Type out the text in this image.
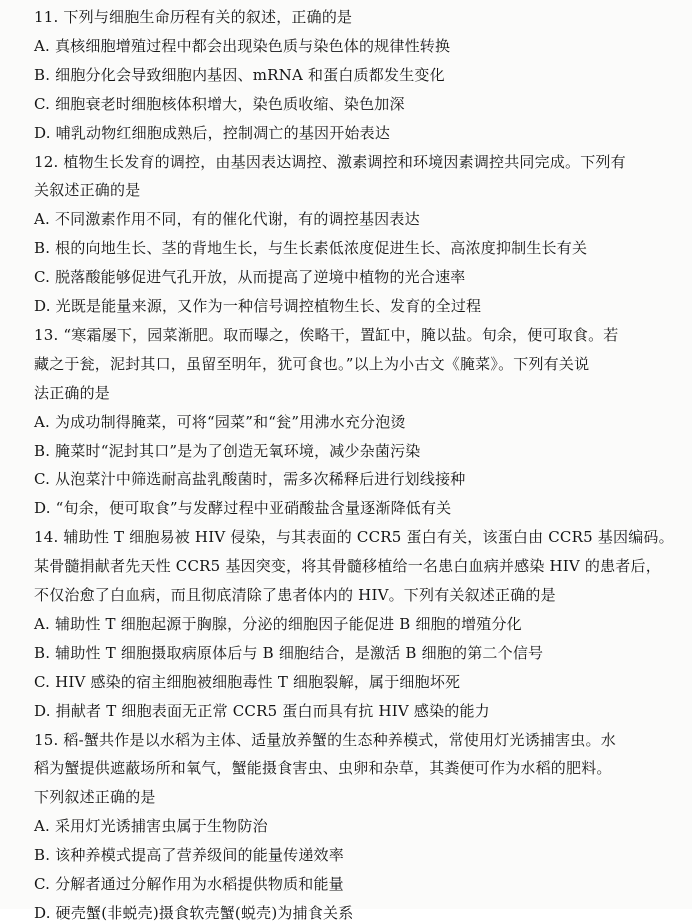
11. 下列与细胞生命历程有关的叙述，正确的是
A. 真核细胞增殖过程中都会出现染色质与染色体的规律性转换
B. 细胞分化会导致细胞内基因、mRNA 和蛋白质都发生变化
C. 细胞衰老时细胞核体积增大，染色质收缩、染色加深
D. 哺乳动物红细胞成熟后，控制凋亡的基因开始表达
12. 植物生长发育的调控，由基因表达调控、激素调控和环境因素调控共同完成。下列有
关叙述正确的是
A. 不同激素作用不同，有的催化代谢，有的调控基因表达
B. 根的向地生长、茎的背地生长，与生长素低浓度促进生长、高浓度抑制生长有关
C. 脱落酸能够促进气孔开放，从而提高了逆境中植物的光合速率
D. 光既是能量来源，又作为一种信号调控植物生长、发育的全过程
13. “寒霜屡下，园菜渐肥。取而曝之，俟略干，置缸中，腌以盐。旬余，便可取食。若
藏之于瓮，泥封其口，虽留至明年，犹可食也。”以上为小古文《腌菜》。下列有关说
法正确的是
A. 为成功制得腌菜，可将“园菜”和“瓮”用沸水充分泡烫
B. 腌菜时“泥封其口”是为了创造无氧环境，减少杂菌污染
C. 从泡菜汁中筛选耐高盐乳酸菌时，需多次稀释后进行划线接种
D. “旬余，便可取食”与发酵过程中亚硝酸盐含量逐渐降低有关
14. 辅助性 T 细胞易被 HIV 侵染，与其表面的 CCR5 蛋白有关，该蛋白由 CCR5 基因编码。
某骨髓捐献者先天性 CCR5 基因突变，将其骨髓移植给一名患白血病并感染 HIV 的患者后，
不仅治愈了白血病，而且彻底清除了患者体内的 HIV。下列有关叙述正确的是
A. 辅助性 T 细胞起源于胸腺，分泌的细胞因子能促进 B 细胞的增殖分化
B. 辅助性 T 细胞摄取病原体后与 B 细胞结合，是激活 B 细胞的第二个信号
C. HIV 感染的宿主细胞被细胞毒性 T 细胞裂解，属于细胞坏死
D. 捐献者 T 细胞表面无正常 CCR5 蛋白而具有抗 HIV 感染的能力
15. 稻-蟹共作是以水稻为主体、适量放养蟹的生态种养模式，常使用灯光诱捕害虫。水
稻为蟹提供遮蔽场所和氧气，蟹能摄食害虫、虫卵和杂草，其粪便可作为水稻的肥料。
下列叙述正确的是
A. 采用灯光诱捕害虫属于生物防治
B. 该种养模式提高了营养级间的能量传递效率
C. 分解者通过分解作用为水稻提供物质和能量
D. 硬壳蟹(非蜕壳)摄食软壳蟹(蜕壳)为捕食关系
